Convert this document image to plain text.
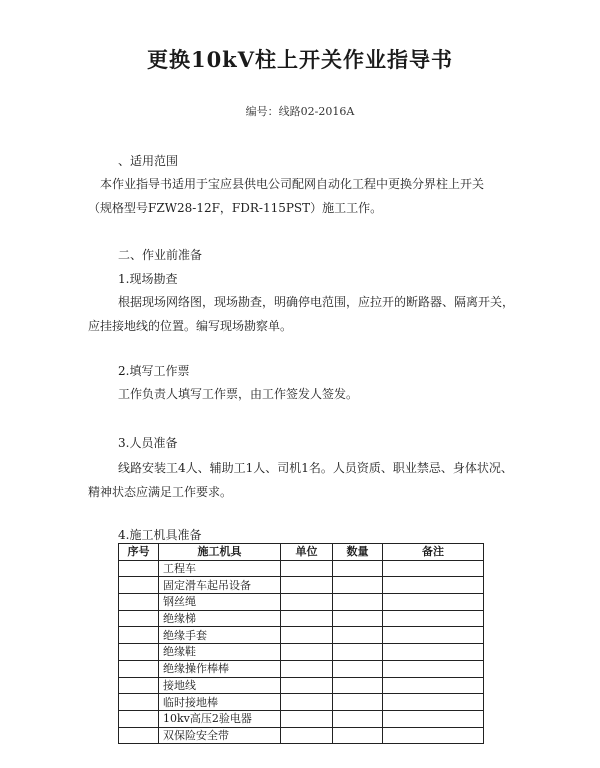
更换10kV柱上开关作业指导书
编号：线路02-2016A
、适用范围
本作业指导书适用于宝应县供电公司配网自动化工程中更换分界柱上开关
（规格型号FZW28-12F，FDR-115PST）施工工作。
二、作业前准备
1.现场勘查
根据现场网络图，现场勘查，明确停电范围，应拉开的断路器、隔离开关，
应挂接地线的位置。编写现场勘察单。
2.填写工作票
工作负责人填写工作票，由工作签发人签发。
3.人员准备
线路安装工4人、辅助工1人、司机1名。人员资质、职业禁忌、身体状况、
精神状态应满足工作要求。
4.施工机具准备
序号	施工机具	单位	数量	备注
	工程车			
	固定滑车起吊设备			
	钢丝绳			
	绝缘梯			
	绝缘手套			
	绝缘鞋			
	绝缘操作棒棒			
	接地线			
	临时接地棒			
	10kv高压2验电器			
	双保险安全带			
